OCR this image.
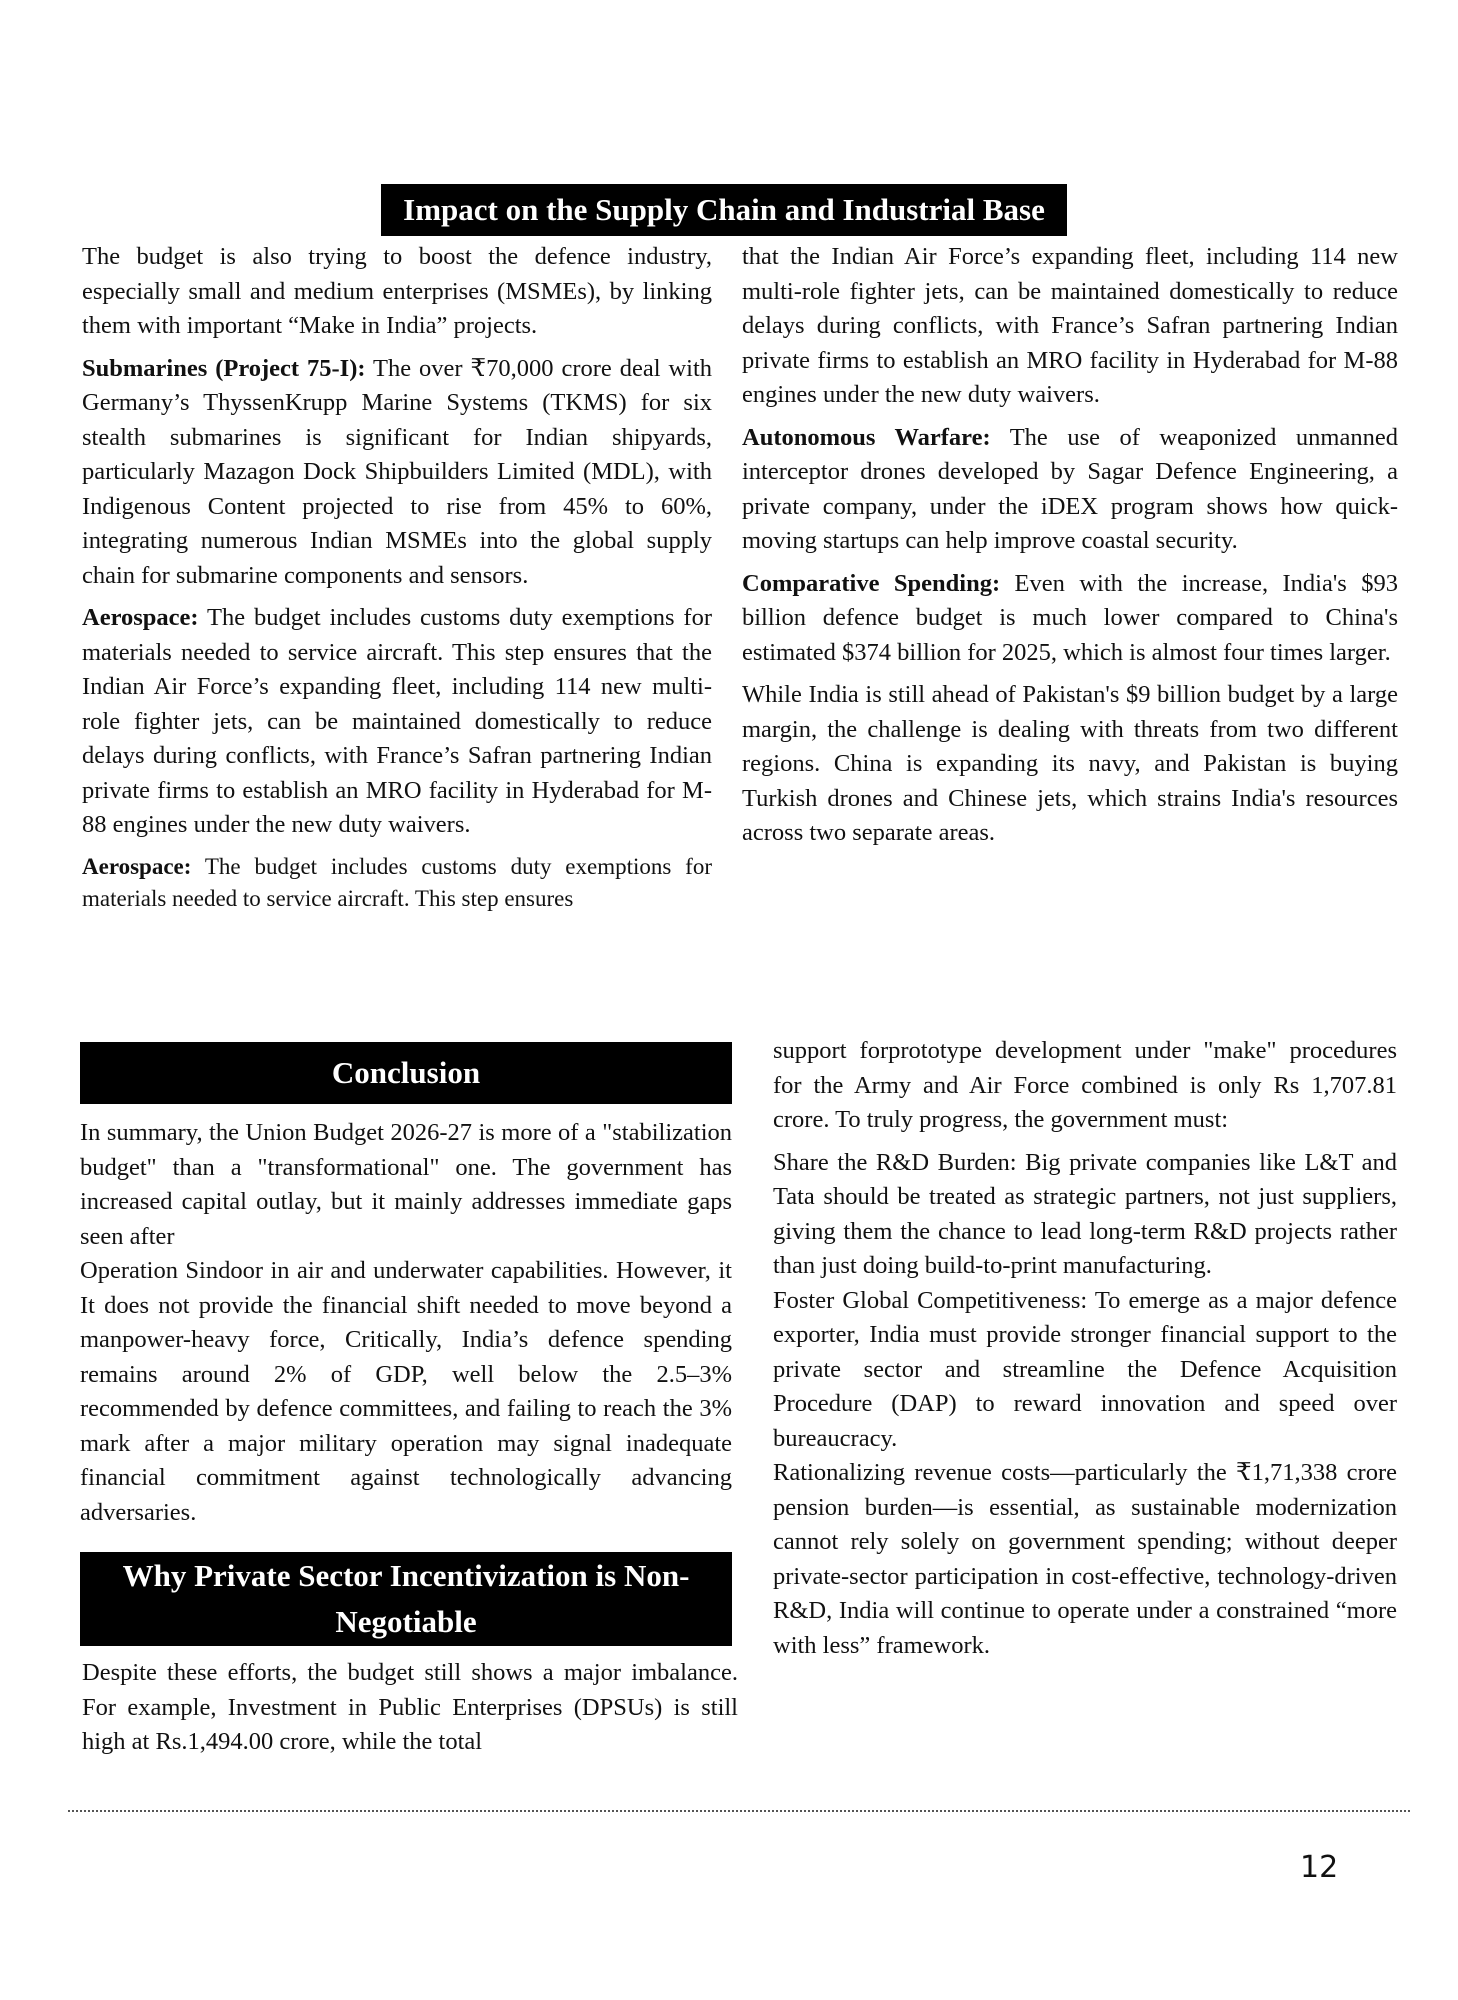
Impact on the Supply Chain and Industrial Base

The budget is also trying to boost the defence industry, especially small and medium enterprises (MSMEs), by linking them with important “Make in India” projects.

Submarines (Project 75-I): The over ₹70,000 crore deal with Germany’s ThyssenKrupp Marine Systems (TKMS) for six stealth submarines is significant for Indian shipyards, particularly Mazagon Dock Shipbuilders Limited (MDL), with Indigenous Content projected to rise from 45% to 60%, integrating numerous Indian MSMEs into the global supply chain for submarine components and sensors.

Aerospace: The budget includes customs duty exemptions for materials needed to service aircraft. This step ensures that the Indian Air Force’s expanding fleet, including 114 new multi-role fighter jets, can be maintained domestically to reduce delays during conflicts, with France’s Safran partnering Indian private firms to establish an MRO facility in Hyderabad for M-88 engines under the new duty waivers.

Aerospace: The budget includes customs duty exemptions for materials needed to service aircraft. This step ensures

that the Indian Air Force’s expanding fleet, including 114 new multi-role fighter jets, can be maintained domestically to reduce delays during conflicts, with France’s Safran partnering Indian private firms to establish an MRO facility in Hyderabad for M-88 engines under the new duty waivers.

Autonomous Warfare: The use of weaponized unmanned interceptor drones developed by Sagar Defence Engineering, a private company, under the iDEX program shows how quick-moving startups can help improve coastal security.

Comparative Spending: Even with the increase, India's $93 billion defence budget is much lower compared to China's estimated $374 billion for 2025, which is almost four times larger.

While India is still ahead of Pakistan's $9 billion budget by a large margin, the challenge is dealing with threats from two different regions. China is expanding its navy, and Pakistan is buying Turkish drones and Chinese jets, which strains India's resources across two separate areas.

Conclusion

In summary, the Union Budget 2026-27 is more of a "stabilization budget" than a "transformational" one. The government has increased capital outlay, but it mainly addresses immediate gaps seen after

Operation Sindoor in air and underwater capabilities. However, it It does not provide the financial shift needed to move beyond a manpower-heavy force, Critically, India’s defence spending remains around 2% of GDP, well below the 2.5–3% recommended by defence committees, and failing to reach the 3% mark after a major military operation may signal inadequate financial commitment against technologically advancing adversaries.

Why Private Sector Incentivization is Non-Negotiable

Despite these efforts, the budget still shows a major imbalance. For example, Investment in Public Enterprises (DPSUs) is still high at Rs.1,494.00 crore, while the total

support forprototype development under "make" procedures for the Army and Air Force combined is only Rs 1,707.81 crore. To truly progress, the government must:

Share the R&D Burden: Big private companies like L&T and Tata should be treated as strategic partners, not just suppliers, giving them the chance to lead long-term R&D projects rather than just doing build-to-print manufacturing.

Foster Global Competitiveness: To emerge as a major defence exporter, India must provide stronger financial support to the private sector and streamline the Defence Acquisition Procedure (DAP) to reward innovation and speed over bureaucracy.

Rationalizing revenue costs—particularly the ₹1,71,338 crore pension burden—is essential, as sustainable modernization cannot rely solely on government spending; without deeper private-sector participation in cost-effective, technology-driven R&D, India will continue to operate under a constrained “more with less” framework.

12
